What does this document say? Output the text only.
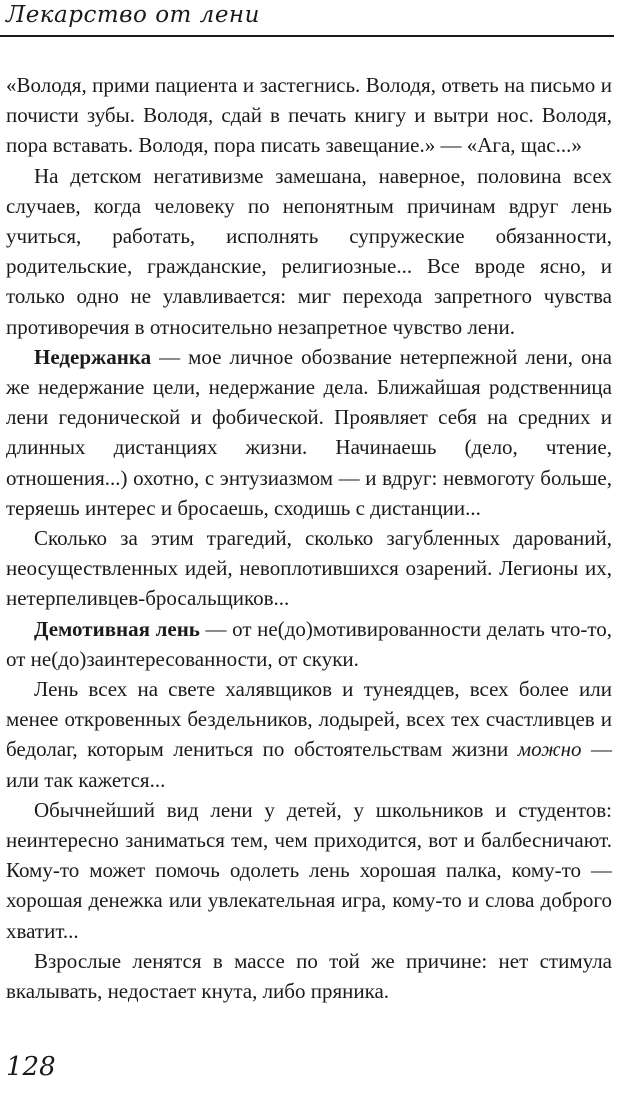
Лекарство от лени

«Володя, прими пациента и застегнись. Володя, ответь на письмо и почисти зубы. Володя, сдай в печать книгу и вытри нос. Володя, пора вставать. Володя, пора писать завещание.» — «Ага, щас...»

На детском негативизме замешана, наверное, половина всех случаев, когда человеку по непонятным причинам вдруг лень учиться, работать, исполнять супружеские обязанности, родительские, гражданские, религиозные... Все вроде ясно, и только одно не улавливается: миг перехода запретного чувства противоречия в относительно незапретное чувство лени.

Недержанка — мое личное обозвание нетерпежной лени, она же недержание цели, недержание дела. Ближайшая родственница лени гедонической и фобической. Проявляет себя на средних и длинных дистанциях жизни. Начинаешь (дело, чтение, отношения...) охотно, с энтузиазмом — и вдруг: невмоготу больше, теряешь интерес и бросаешь, сходишь с дистанции...

Сколько за этим трагедий, сколько загубленных дарований, неосуществленных идей, невоплотившихся озарений. Легионы их, нетерпеливцев-бросальщиков...

Демотивная лень — от не(до)мотивированности делать что-то, от не(до)заинтересованности, от скуки.

Лень всех на свете халявщиков и тунеядцев, всех более или менее откровенных бездельников, лодырей, всех тех счастливцев и бедолаг, которым лениться по обстоятельствам жизни можно — или так кажется...

Обычнейший вид лени у детей, у школьников и студентов: неинтересно заниматься тем, чем приходится, вот и балбесничают. Кому-то может помочь одолеть лень хорошая палка, кому-то — хорошая денежка или увлекательная игра, кому-то и слова доброго хватит...

Взрослые ленятся в массе по той же причине: нет стимула вкалывать, недостает кнута, либо пряника.

128
